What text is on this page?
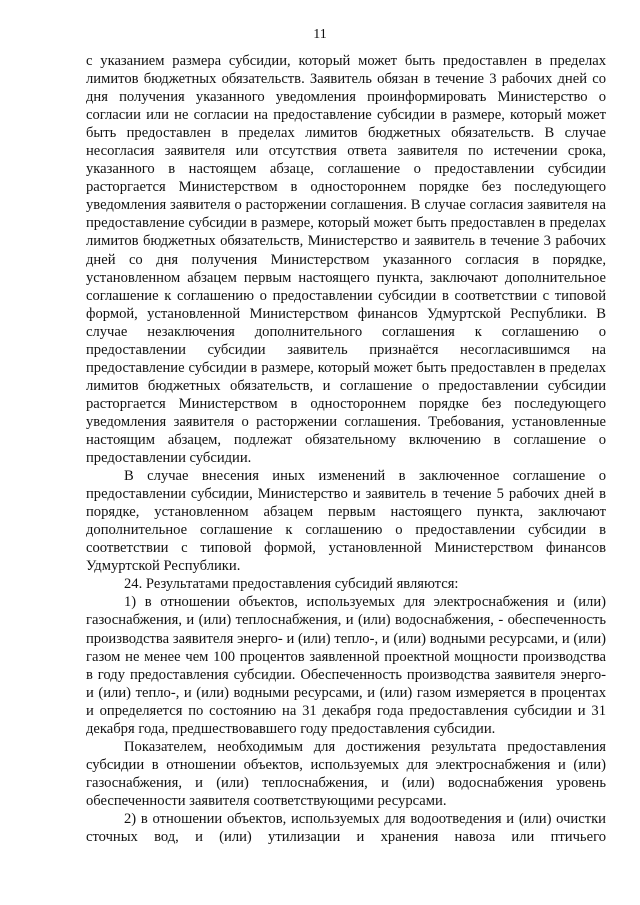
11

с указанием размера субсидии, который может быть предоставлен в пределах лимитов бюджетных обязательств. Заявитель обязан в течение 3 рабочих дней со дня получения указанного уведомления проинформировать Министерство о согласии или не согласии на предоставление субсидии в размере, который может быть предоставлен в пределах лимитов бюджетных обязательств. В случае несогласия заявителя или отсутствия ответа заявителя по истечении срока, указанного в настоящем абзаце, соглашение о предоставлении субсидии расторгается Министерством в одностороннем порядке без последующего уведомления заявителя о расторжении соглашения. В случае согласия заявителя на предоставление субсидии в размере, который может быть предоставлен в пределах лимитов бюджетных обязательств, Министерство и заявитель в течение 3 рабочих дней со дня получения Министерством указанного согласия в порядке, установленном абзацем первым настоящего пункта, заключают дополнительное соглашение к соглашению о предоставлении субсидии в соответствии с типовой формой, установленной Министерством финансов Удмуртской Республики. В случае незаключения дополнительного соглашения к соглашению о предоставлении субсидии заявитель признаётся несогласившимся на предоставление субсидии в размере, который может быть предоставлен в пределах лимитов бюджетных обязательств, и соглашение о предоставлении субсидии расторгается Министерством в одностороннем порядке без последующего уведомления заявителя о расторжении соглашения. Требования, установленные настоящим абзацем, подлежат обязательному включению в соглашение о предоставлении субсидии.

В случае внесения иных изменений в заключенное соглашение о предоставлении субсидии, Министерство и заявитель в течение 5 рабочих дней в порядке, установленном абзацем первым настоящего пункта, заключают дополнительное соглашение к соглашению о предоставлении субсидии в соответствии с типовой формой, установленной Министерством финансов Удмуртской Республики.

24. Результатами предоставления субсидий являются:

1) в отношении объектов, используемых для электроснабжения и (или) газоснабжения, и (или) теплоснабжения, и (или) водоснабжения, - обеспеченность производства заявителя энерго- и (или) тепло-, и (или) водными ресурсами, и (или) газом не менее чем 100 процентов заявленной проектной мощности производства в году предоставления субсидии. Обеспеченность производства заявителя энерго- и (или) тепло-, и (или) водными ресурсами, и (или) газом измеряется в процентах и определяется по состоянию на 31 декабря года предоставления субсидии и 31 декабря года, предшествовавшего году предоставления субсидии.

Показателем, необходимым для достижения результата предоставления субсидии в отношении объектов, используемых для электроснабжения и (или) газоснабжения, и (или) теплоснабжения, и (или) водоснабжения уровень обеспеченности заявителя соответствующими ресурсами.

2) в отношении объектов, используемых для водоотведения и (или) очистки сточных вод, и (или) утилизации и хранения навоза или птичьего
